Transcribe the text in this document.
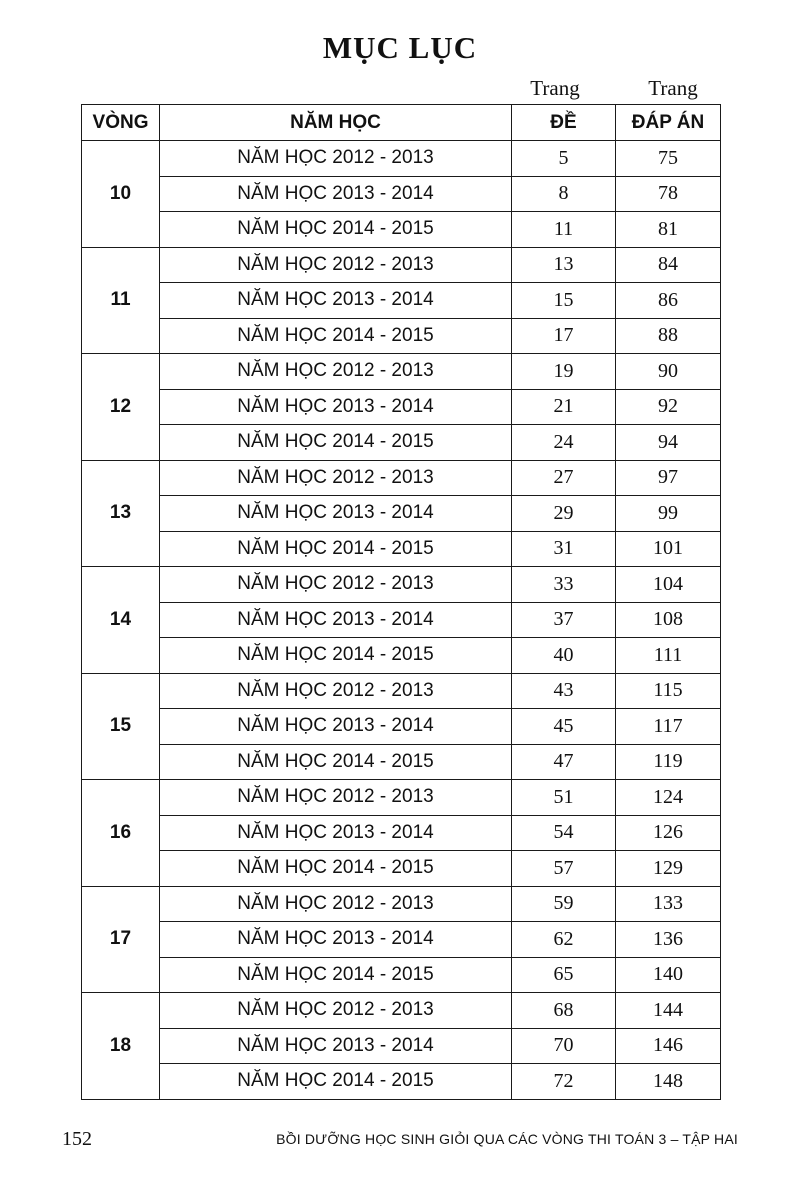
MỤC LỤC
Trang	Trang
VÒNG	NĂM HỌC	ĐỀ	ĐÁP ÁN
10	NĂM HỌC 2012 - 2013	5	75
	NĂM HỌC 2013 - 2014	8	78
	NĂM HỌC 2014 - 2015	11	81
11	NĂM HỌC 2012 - 2013	13	84
	NĂM HỌC 2013 - 2014	15	86
	NĂM HỌC 2014 - 2015	17	88
12	NĂM HỌC 2012 - 2013	19	90
	NĂM HỌC 2013 - 2014	21	92
	NĂM HỌC 2014 - 2015	24	94
13	NĂM HỌC 2012 - 2013	27	97
	NĂM HỌC 2013 - 2014	29	99
	NĂM HỌC 2014 - 2015	31	101
14	NĂM HỌC 2012 - 2013	33	104
	NĂM HỌC 2013 - 2014	37	108
	NĂM HỌC 2014 - 2015	40	111
15	NĂM HỌC 2012 - 2013	43	115
	NĂM HỌC 2013 - 2014	45	117
	NĂM HỌC 2014 - 2015	47	119
16	NĂM HỌC 2012 - 2013	51	124
	NĂM HỌC 2013 - 2014	54	126
	NĂM HỌC 2014 - 2015	57	129
17	NĂM HỌC 2012 - 2013	59	133
	NĂM HỌC 2013 - 2014	62	136
	NĂM HỌC 2014 - 2015	65	140
18	NĂM HỌC 2012 - 2013	68	144
	NĂM HỌC 2013 - 2014	70	146
	NĂM HỌC 2014 - 2015	72	148
152	BỒI DƯỠNG HỌC SINH GIỎI QUA CÁC VÒNG THI TOÁN 3 – TẬP HAI
